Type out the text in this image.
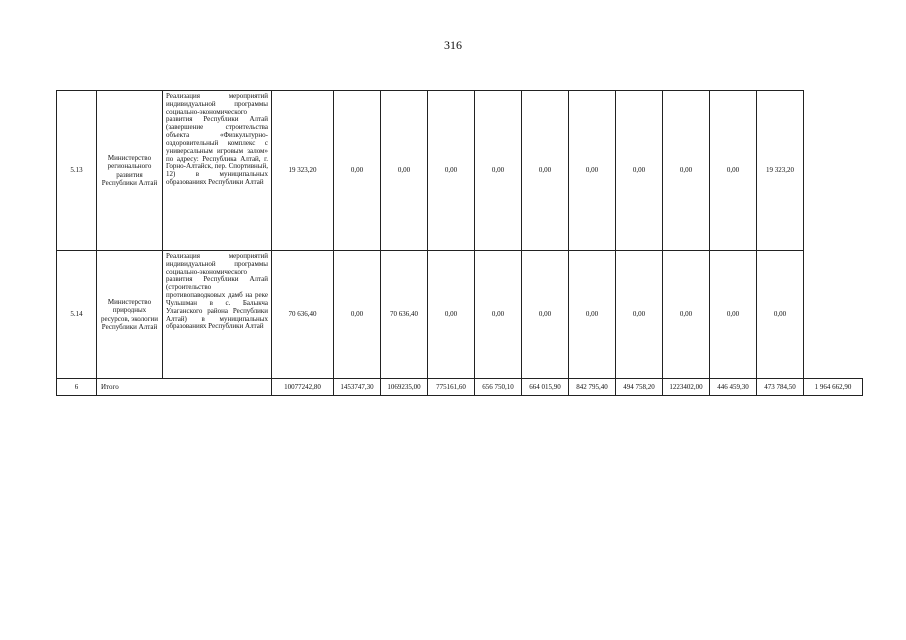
316
5.13	Министерство регионального развития Республики Алтай	Реализация мероприятий индивидуальной программы социально-экономического развития Республики Алтай (завершение строительства объекта «Физкультурно-оздоровительный комплекс с универсальным игровым залом» по адресу: Республика Алтай, г. Горно-Алтайск, пер. Спортивный, 12) в муниципальных образованиях Республики Алтай	19 323,20	0,00	0,00	0,00	0,00	0,00	0,00	0,00	0,00	0,00	19 323,20	
5.14	Министерство природных ресурсов, экологии Республики Алтай	Реализация мероприятий индивидуальной программы социально-экономического развития Республики Алтай (строительство противопаводковых дамб на реке Чульшман в с. Балыкча Улаганского района Республики Алтай) в муниципальных образованиях Республики Алтай	70 636,40	0,00	70 636,40	0,00	0,00	0,00	0,00	0,00	0,00	0,00	0,00	
6	Итого		10077242,80	1453747,30	1069235,00	775161,60	656 750,10	664 015,90	842 795,40	494 758,20	1223402,00	446 459,30	473 784,50	1 964 662,90
